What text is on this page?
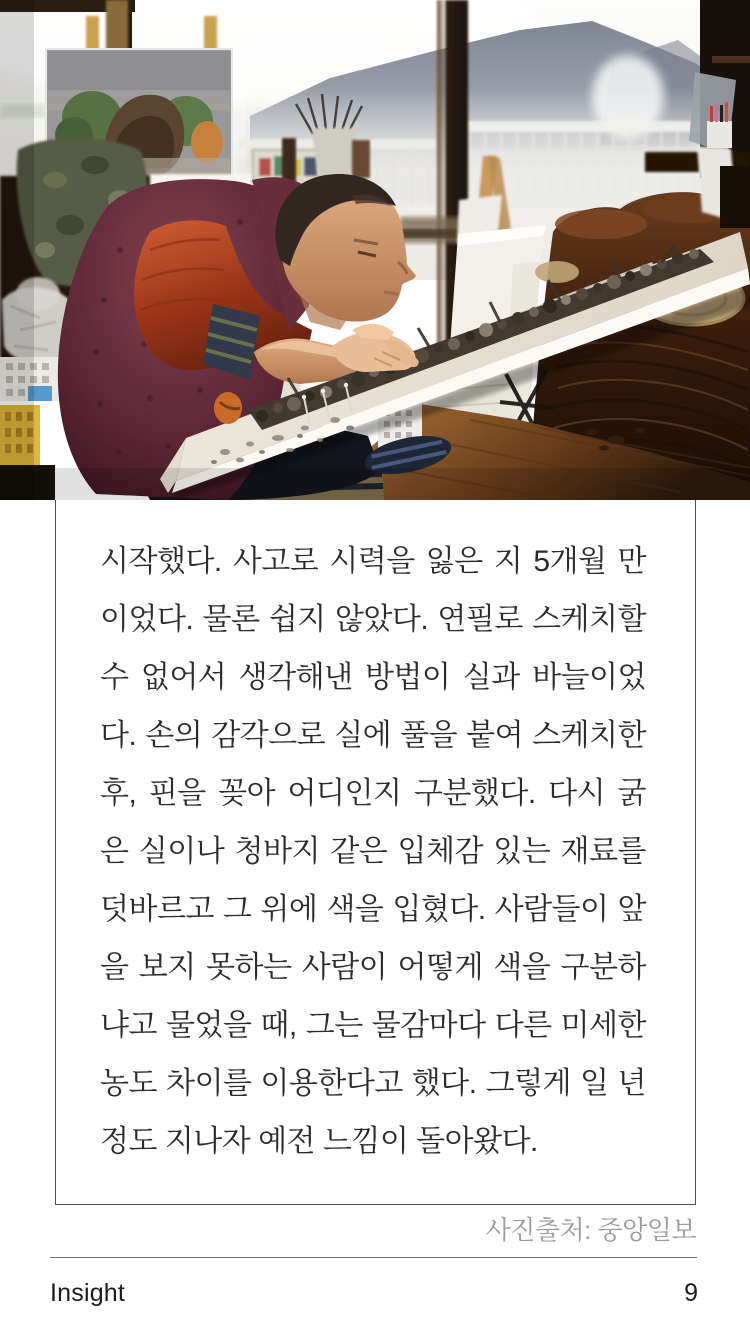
시작했다. 사고로 시력을 잃은 지 5개월 만이었다. 물론 쉽지 않았다. 연필로 스케치할 수 없어서 생각해낸 방법이 실과 바늘이었다. 손의 감각으로 실에 풀을 붙여 스케치한 후, 핀을 꽂아 어디인지 구분했다. 다시 굵은 실이나 청바지 같은 입체감 있는 재료를 덧바르고 그 위에 색을 입혔다. 사람들이 앞을 보지 못하는 사람이 어떻게 색을 구분하냐고 물었을 때, 그는 물감마다 다른 미세한 농도 차이를 이용한다고 했다. 그렇게 일 년 정도 지나자 예전 느낌이 돌아왔다.

사진출처: 중앙일보
Insight	9
